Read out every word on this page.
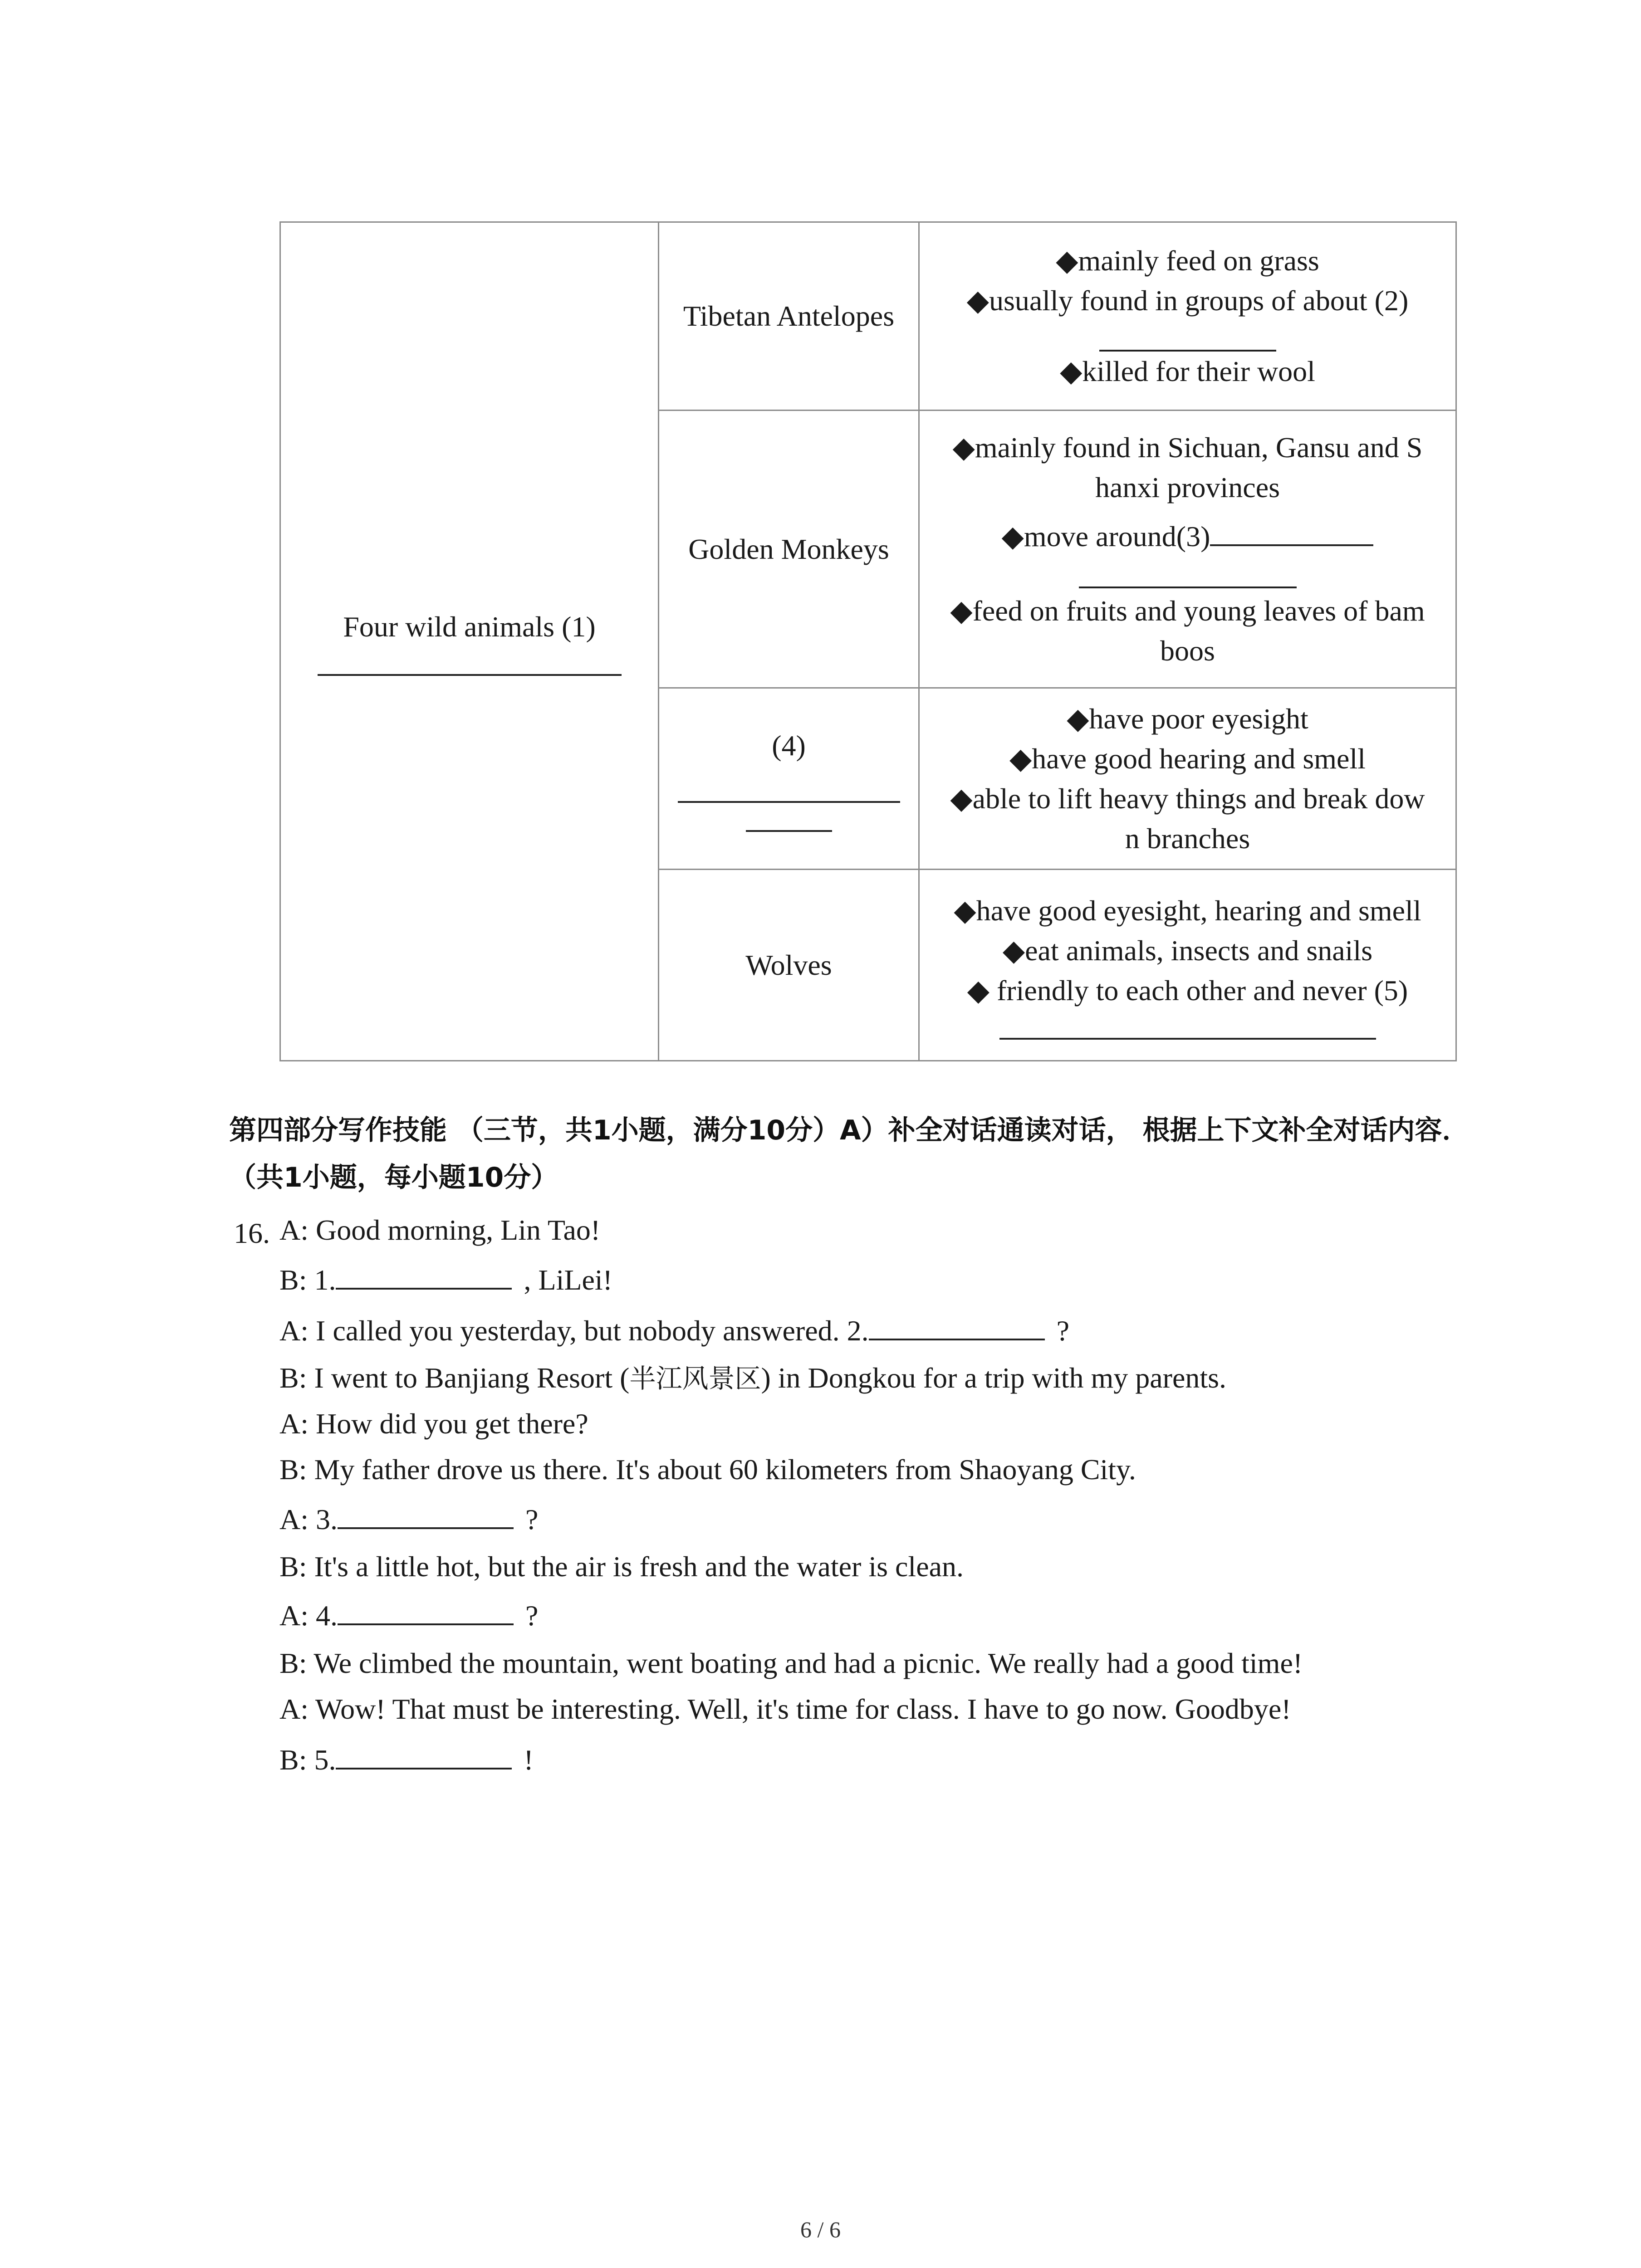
Four wild animals (1)	Tibetan Antelopes	◆mainly feed on grass
◆usually found in groups of about (2)
◆killed for their wool

	Golden Monkeys	◆mainly found in Sichuan, Gansu and S
hanxi provinces
◆move around(3)
◆feed on fruits and young leaves of bam
boos

	(4)	◆have poor eyesight
◆have good hearing and smell
◆able to lift heavy things and break dow
n branches

	Wolves	◆have good eyesight, hearing and smell
◆eat animals, insects and snails
◆ friendly to each other and never (5)
第四部分写作技能 （三节，共1小题，满分10分）A）补全对话通读对话， 根据上下文补全对话内容．（共1小题，每小题10分）
16. A: Good morning, Lin Tao!
B: 1.	, LiLei!
A: I called you yesterday, but nobody answered. 2.	?
B: I went to Banjiang Resort (半江风景区) in Dongkou for a trip with my parents.
A: How did you get there?
B: My father drove us there. It's about 60 kilometers from Shaoyang City.
A: 3.	?
B: It's a little hot, but the air is fresh and the water is clean.
A: 4.	?
B: We climbed the mountain, went boating and had a picnic. We really had a good time!
A: Wow! That must be interesting. Well, it's time for class. I have to go now. Goodbye!
B: 5.	!
6 / 6
